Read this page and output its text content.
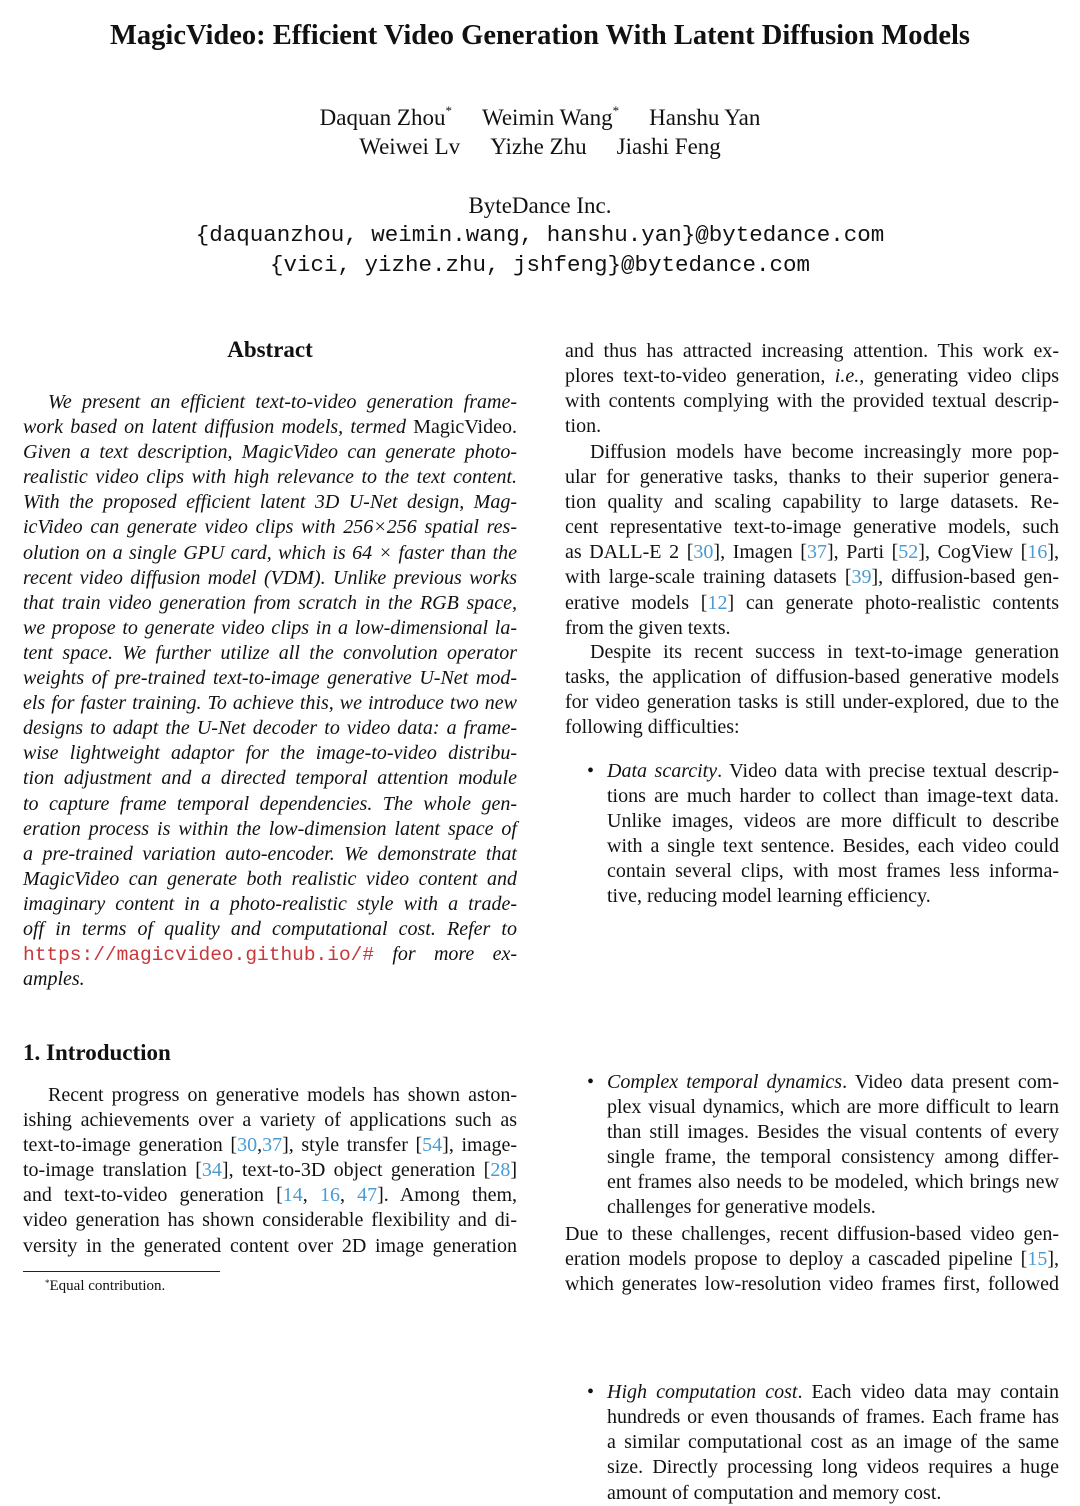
MagicVideo: Efficient Video Generation With Latent Diffusion Models
Daquan Zhou* Weimin Wang* Hanshu Yan
Weiwei Lv Yizhe Zhu Jiashi Feng
ByteDance Inc.
{daquanzhou, weimin.wang, hanshu.yan}@bytedance.com
{vici, yizhe.zhu, jshfeng}@bytedance.com
Abstract
We present an efficient text-to-video generation frame-
work based on latent diffusion models, termed MagicVideo.
Given a text description, MagicVideo can generate photo-
realistic video clips with high relevance to the text content.
With the proposed efficient latent 3D U-Net design, Mag-
icVideo can generate video clips with 256×256 spatial res-
olution on a single GPU card, which is 64 × faster than the
recent video diffusion model (VDM). Unlike previous works
that train video generation from scratch in the RGB space,
we propose to generate video clips in a low-dimensional la-
tent space. We further utilize all the convolution operator
weights of pre-trained text-to-image generative U-Net mod-
els for faster training. To achieve this, we introduce two new
designs to adapt the U-Net decoder to video data: a frame-
wise lightweight adaptor for the image-to-video distribu-
tion adjustment and a directed temporal attention module
to capture frame temporal dependencies. The whole gen-
eration process is within the low-dimension latent space of
a pre-trained variation auto-encoder. We demonstrate that
MagicVideo can generate both realistic video content and
imaginary content in a photo-realistic style with a trade-
off in terms of quality and computational cost. Refer to
https://magicvideo.github.io/# for more ex-
amples.
1. Introduction
Recent progress on generative models has shown aston-
ishing achievements over a variety of applications such as
text-to-image generation [30,37], style transfer [54], image-
to-image translation [34], text-to-3D object generation [28]
and text-to-video generation [14, 16, 47]. Among them,
video generation has shown considerable flexibility and di-
versity in the generated content over 2D image generation
*Equal contribution.
and thus has attracted increasing attention. This work ex-
plores text-to-video generation, i.e., generating video clips
with contents complying with the provided textual descrip-
tion.
Diffusion models have become increasingly more pop-
ular for generative tasks, thanks to their superior genera-
tion quality and scaling capability to large datasets. Re-
cent representative text-to-image generative models, such
as DALL-E 2 [30], Imagen [37], Parti [52], CogView [16],
with large-scale training datasets [39], diffusion-based gen-
erative models [12] can generate photo-realistic contents
from the given texts.
Despite its recent success in text-to-image generation
tasks, the application of diffusion-based generative models
for video generation tasks is still under-explored, due to the
following difficulties:
• Data scarcity. Video data with precise textual descrip-
tions are much harder to collect than image-text data.
Unlike images, videos are more difficult to describe
with a single text sentence. Besides, each video could
contain several clips, with most frames less informa-
tive, reducing model learning efficiency.
• Complex temporal dynamics. Video data present com-
plex visual dynamics, which are more difficult to learn
than still images. Besides the visual contents of every
single frame, the temporal consistency among differ-
ent frames also needs to be modeled, which brings new
challenges for generative models.
• High computation cost. Each video data may contain
hundreds or even thousands of frames. Each frame has
a similar computational cost as an image of the same
size. Directly processing long videos requires a huge
amount of computation and memory cost.
Due to these challenges, recent diffusion-based video gen-
eration models propose to deploy a cascaded pipeline [15],
which generates low-resolution video frames first, followed
